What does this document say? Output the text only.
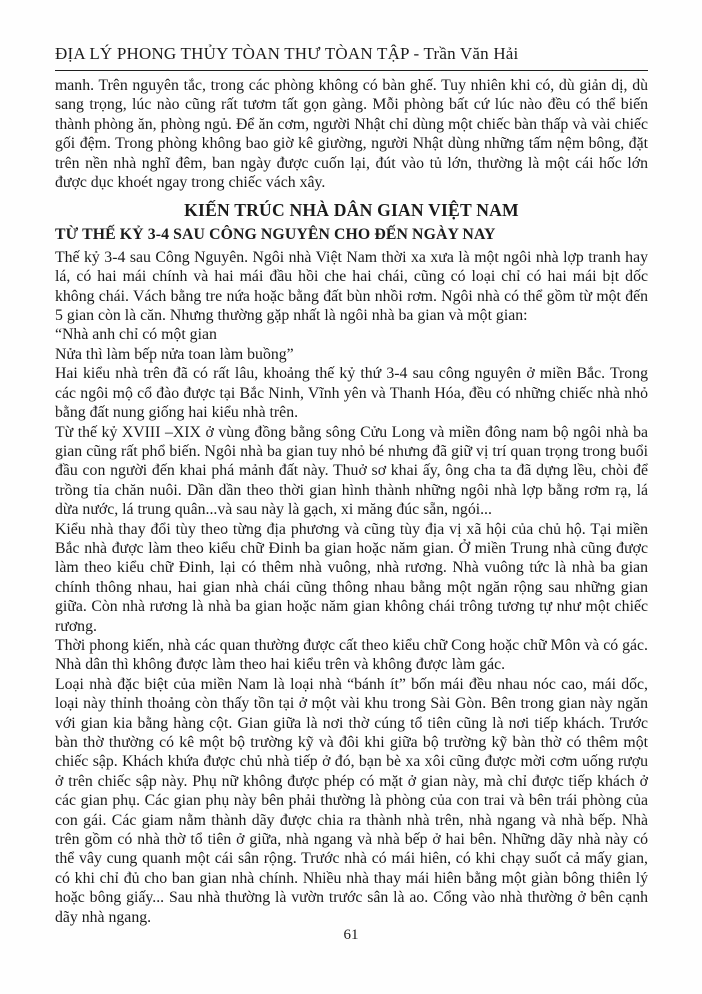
ĐỊA LÝ PHONG THỦY TÒAN THƯ TÒAN TẬP - Trần Văn Hải

manh. Trên nguyên tắc, trong các phòng không có bàn ghế. Tuy nhiên khi có, dù giản dị, dù sang trọng, lúc nào cũng rất tươm tất gọn gàng. Mỗi phòng bất cứ lúc nào đều có thể biến thành phòng ăn, phòng ngủ. Để ăn cơm, người Nhật chỉ dùng một chiếc bàn thấp và vài chiếc gối đệm. Trong phòng không bao giờ kê giường, người Nhật dùng những tấm nệm bông, đặt trên nền nhà nghĩ đêm, ban ngày được cuốn lại, đút vào tủ lớn, thường là một cái hốc lớn được dục khoét ngay trong chiếc vách xây.

KIẾN TRÚC NHÀ DÂN GIAN VIỆT NAM
TỪ THẾ KỶ 3-4 SAU CÔNG NGUYÊN CHO ĐẾN NGÀY NAY

Thế kỷ 3-4 sau Công Nguyên. Ngôi nhà Việt Nam thời xa xưa là một ngôi nhà lợp tranh hay lá, có hai mái chính và hai mái đầu hồi che hai chái, cũng có loại chỉ có hai mái bịt dốc không chái. Vách bằng tre nứa hoặc bằng đất bùn nhồi rơm. Ngôi nhà có thể gồm từ một đến 5 gian còn là căn. Nhưng thường gặp nhất là ngôi nhà ba gian và một gian:

“Nhà anh chỉ có một gian
Nửa thì làm bếp nửa toan làm buồng”

Hai kiểu nhà trên đã có rất lâu, khoảng thế kỷ thứ 3-4 sau công nguyên ở miền Bắc. Trong các ngôi mộ cổ đào được tại Bắc Ninh, Vĩnh yên và Thanh Hóa, đều có những chiếc nhà nhỏ bằng đất nung giống hai kiểu nhà trên.

Từ thế kỷ XVIII –XIX ở vùng đồng bằng sông Cửu Long và miền đông nam bộ ngôi nhà ba gian cũng rất phổ biến. Ngôi nhà ba gian tuy nhỏ bé nhưng đã giữ vị trí quan trọng trong buổi đầu con người đến khai phá mảnh đất này. Thuở sơ khai ấy, ông cha ta đã dựng lều, chòi để trồng tỉa chăn nuôi. Dần dần theo thời gian hình thành những ngôi nhà lợp bằng rơm rạ, lá dừa nước, lá trung quân...và sau này là gạch, xi măng đúc sẵn, ngói...

Kiểu nhà thay đổi tùy theo từng địa phương và cũng tùy địa vị xã hội của chủ hộ. Tại miền Bắc nhà được làm theo kiểu chữ Đinh ba gian hoặc năm gian. Ở miền Trung nhà cũng được làm theo kiểu chữ Đinh, lại có thêm nhà vuông, nhà rương. Nhà vuông tức là nhà ba gian chính thông nhau, hai gian nhà chái cũng thông nhau bằng một ngăn rộng sau những gian giữa. Còn nhà rương là nhà ba gian hoặc năm gian không chái trông tương tự như một chiếc rương.

Thời phong kiến, nhà các quan thường được cất theo kiểu chữ Cong hoặc chữ Môn và có gác. Nhà dân thì không được làm theo hai kiểu trên và không được làm gác.

Loại nhà đặc biệt của miền Nam là loại nhà “bánh ít” bốn mái đều nhau nóc cao, mái dốc, loại này thỉnh thoảng còn thấy tồn tại ở một vài khu trong Sài Gòn. Bên trong gian này ngăn với gian kia bằng hàng cột. Gian giữa là nơi thờ cúng tổ tiên cũng là nơi tiếp khách. Trước bàn thờ thường có kê một bộ trường kỹ và đôi khi giữa bộ trường kỹ bàn thờ có thêm một chiếc sập. Khách khứa được chủ nhà tiếp ở đó, bạn bè xa xôi cũng được mời cơm uống rượu ở trên chiếc sập này. Phụ nữ không được phép có mặt ở gian này, mà chỉ được tiếp khách ở các gian phụ. Các gian phụ này bên phải thường là phòng của con trai và bên trái phòng của con gái. Các giam nằm thành dãy được chia ra thành nhà trên, nhà ngang và nhà bếp. Nhà trên gồm có nhà thờ tổ tiên ở giữa, nhà ngang và nhà bếp ở hai bên. Những dãy nhà này có thể vây cung quanh một cái sân rộng. Trước nhà có mái hiên, có khi chạy suốt cả mấy gian, có khi chỉ đủ cho ban gian nhà chính. Nhiều nhà thay mái hiên bằng một giàn bông thiên lý hoặc bông giấy... Sau nhà thường là vườn trước sân là ao. Cổng vào nhà thường ở bên cạnh dãy nhà ngang.

61
